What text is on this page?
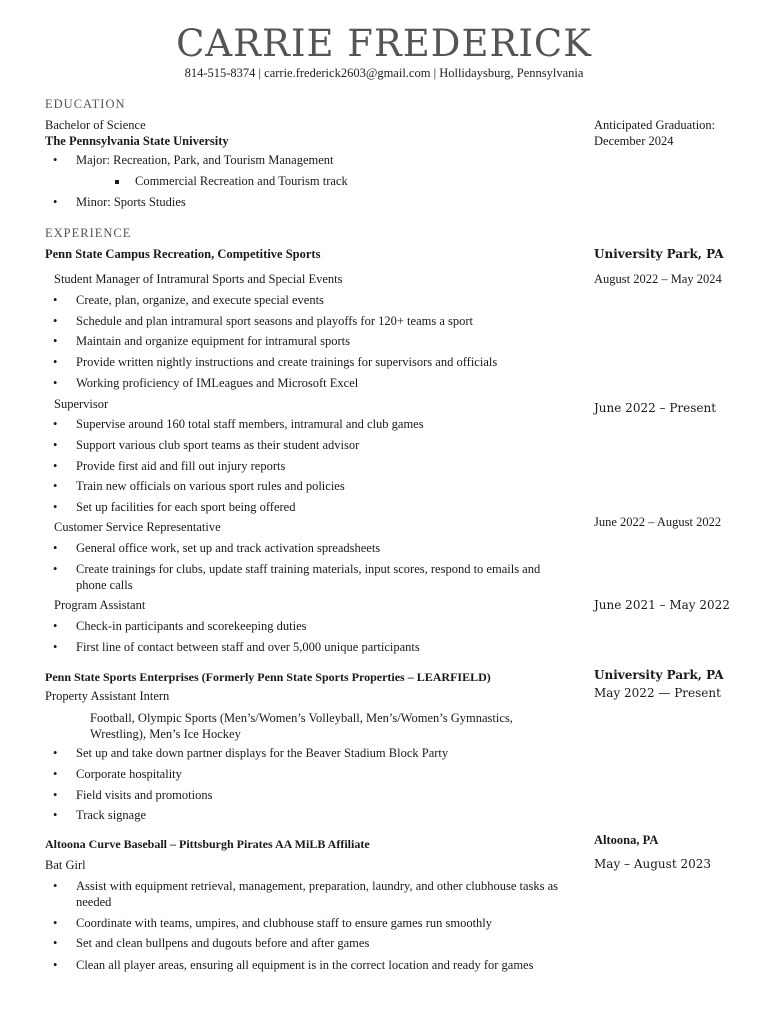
CARRIE FREDERICK
814-515-8374 | carrie.frederick2603@gmail.com | Hollidaysburg, Pennsylvania
EDUCATION
Bachelor of Science
The Pennsylvania State University
Anticipated Graduation:
December 2024
• Major: Recreation, Park, and Tourism Management
Commercial Recreation and Tourism track
• Minor: Sports Studies
EXPERIENCE
Penn State Campus Recreation, Competitive Sports	University Park, PA
Student Manager of Intramural Sports and Special Events	August 2022 – May 2024
• Create, plan, organize, and execute special events
• Schedule and plan intramural sport seasons and playoffs for 120+ teams a sport
• Maintain and organize equipment for intramural sports
• Provide written nightly instructions and create trainings for supervisors and officials
• Working proficiency of IMLeagues and Microsoft Excel
Supervisor	June 2022 – Present
• Supervise around 160 total staff members, intramural and club games
• Support various club sport teams as their student advisor
• Provide first aid and fill out injury reports
• Train new officials on various sport rules and policies
• Set up facilities for each sport being offered
Customer Service Representative	June 2022 – August 2022
• General office work, set up and track activation spreadsheets
• Create trainings for clubs, update staff training materials, input scores, respond to emails and phone calls
Program Assistant	June 2021 – May 2022
• Check-in participants and scorekeeping duties
• First line of contact between staff and over 5,000 unique participants
Penn State Sports Enterprises (Formerly Penn State Sports Properties – LEARFIELD)	University Park, PA
Property Assistant Intern	May 2022 — Present
Football, Olympic Sports (Men’s/Women’s Volleyball, Men’s/Women’s Gymnastics, Wrestling), Men’s Ice Hockey
• Set up and take down partner displays for the Beaver Stadium Block Party
• Corporate hospitality
• Field visits and promotions
• Track signage
Altoona Curve Baseball – Pittsburgh Pirates AA MiLB Affiliate	Altoona, PA
Bat Girl	May – August 2023
• Assist with equipment retrieval, management, preparation, laundry, and other clubhouse tasks as needed
• Coordinate with teams, umpires, and clubhouse staff to ensure games run smoothly
• Set and clean bullpens and dugouts before and after games
• Clean all player areas, ensuring all equipment is in the correct location and ready for games
